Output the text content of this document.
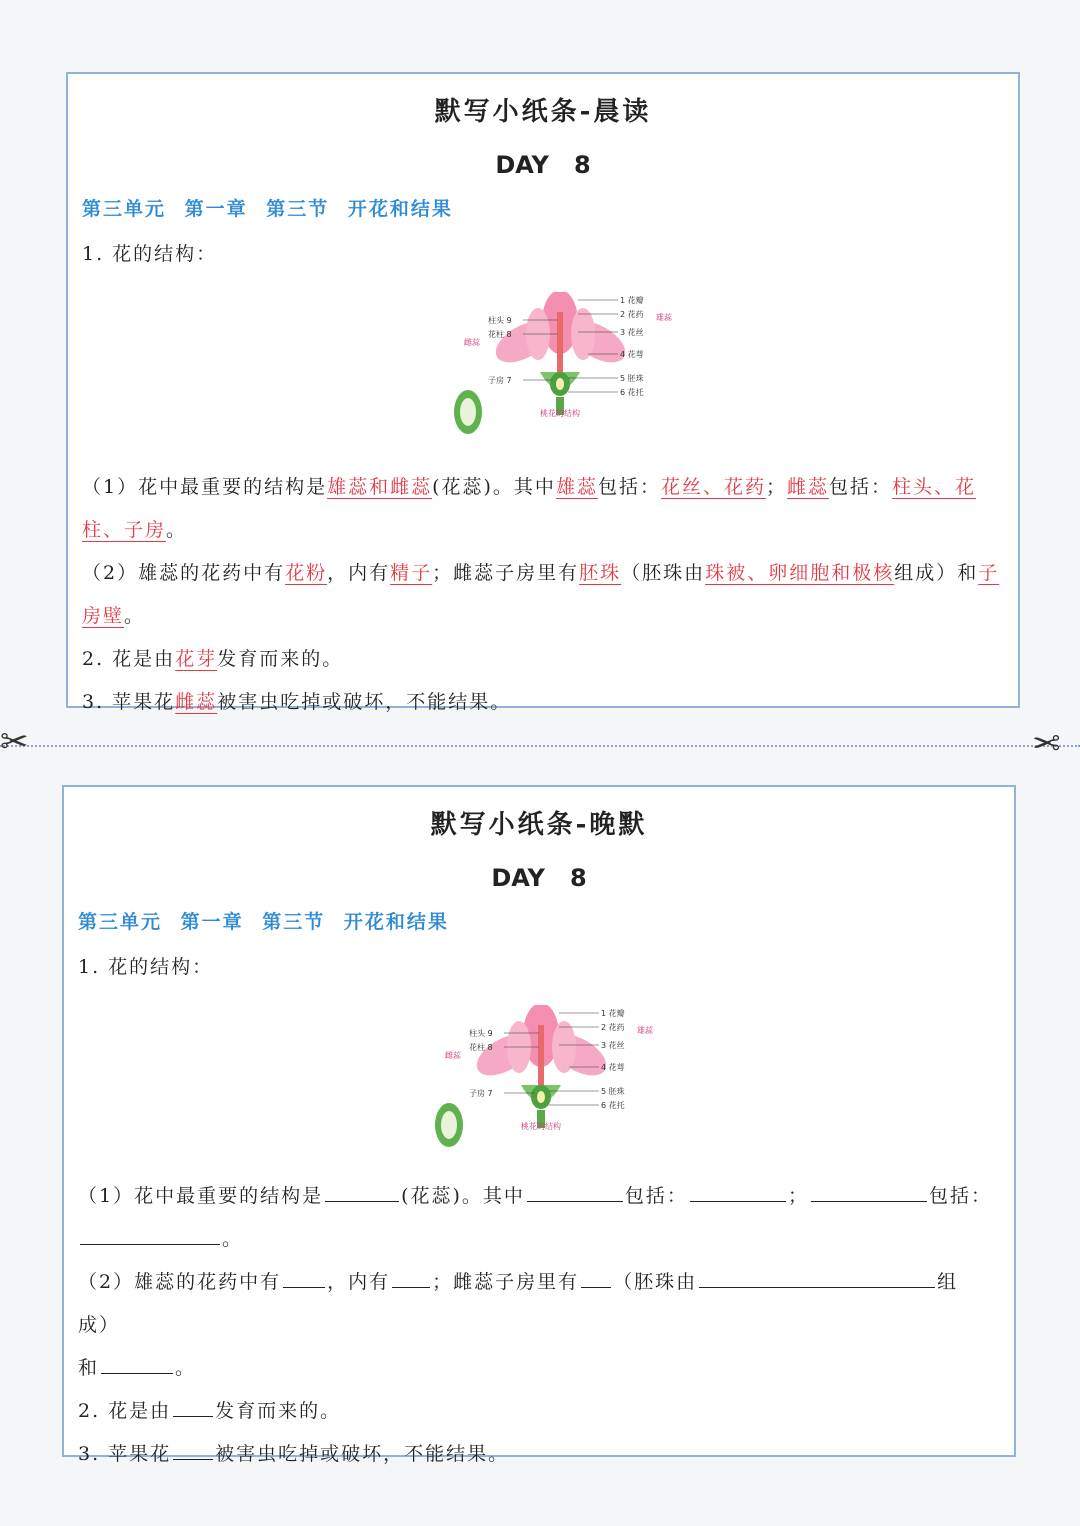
默写小纸条-晨读
DAY   8
第三单元 第一章 第三节 开花和结果
1. 花的结构：
柱头 9
花柱 8
子房 7
1 花瓣
2 花药
3 花丝
4 花萼
5 胚珠
6 花托
雌蕊
雄蕊
桃花的结构
（1）花中最重要的结构是雄蕊和雌蕊(花蕊)。其中雄蕊包括：花丝、花药；雌蕊包括：柱头、花柱、子房。
（2）雄蕊的花药中有花粉，内有精子；雌蕊子房里有胚珠（胚珠由珠被、卵细胞和极核组成）和子房壁。
2. 花是由花芽发育而来的。
3. 苹果花雌蕊被害虫吃掉或破坏，不能结果。
✂	✂
默写小纸条-晚默
DAY   8
第三单元 第一章 第三节 开花和结果
1. 花的结构：
柱头 9
花柱 8
子房 7
1 花瓣
2 花药
3 花丝
4 花萼
5 胚珠
6 花托
雌蕊
雄蕊
桃花的结构
（1）花中最重要的结构是	(花蕊)。其中	包括：	；	包括：。
（2）雄蕊的花药中有 ，内有 ；雌蕊子房里有 （胚珠由	组成）
和	。
2. 花是由 发育而来的。
3. 苹果花 被害虫吃掉或破坏，不能结果。
